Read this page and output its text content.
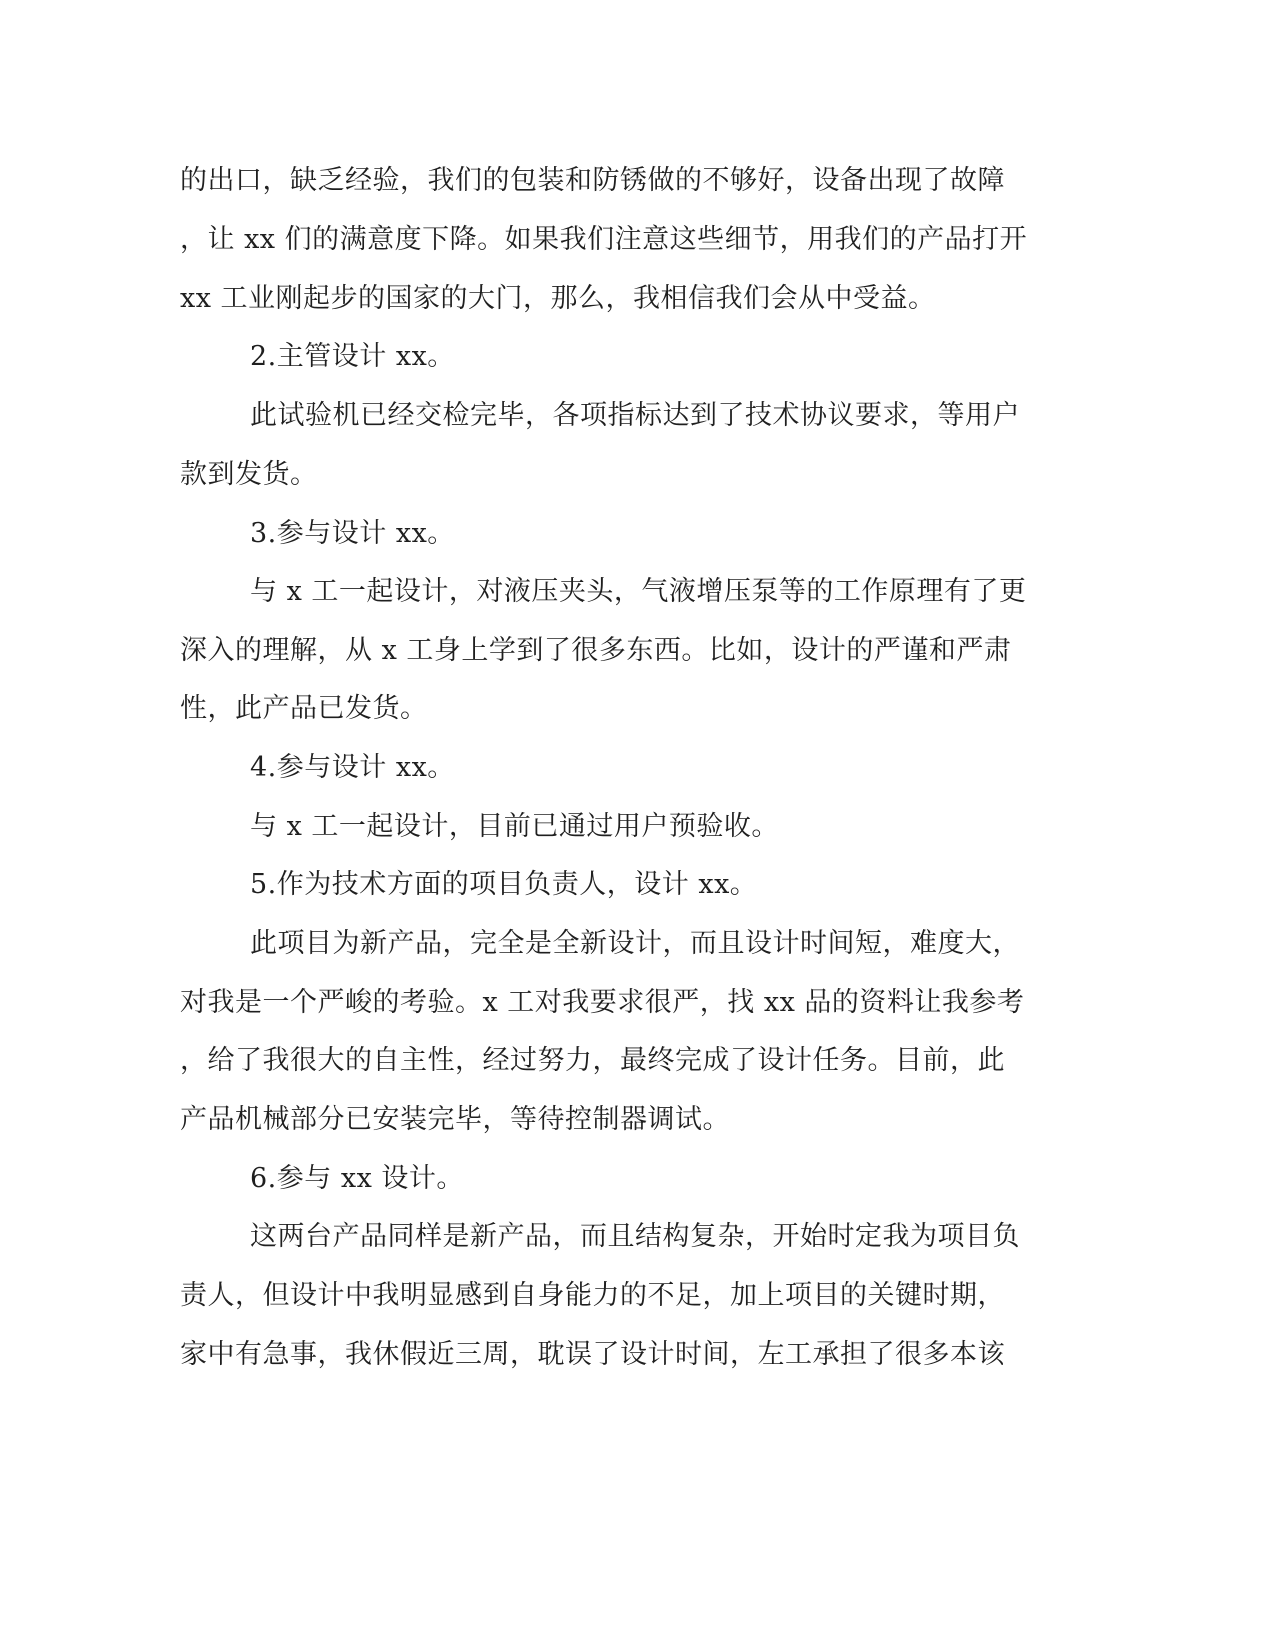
的出口，缺乏经验，我们的包装和防锈做的不够好，设备出现了故障
，让 xx 们的满意度下降。如果我们注意这些细节，用我们的产品打开
xx 工业刚起步的国家的大门，那么，我相信我们会从中受益。
2.主管设计 xx。
此试验机已经交检完毕，各项指标达到了技术协议要求，等用户
款到发货。
3.参与设计 xx。
与 x 工一起设计，对液压夹头，气液增压泵等的工作原理有了更
深入的理解，从 x 工身上学到了很多东西。比如，设计的严谨和严肃
性，此产品已发货。
4.参与设计 xx。
与 x 工一起设计，目前已通过用户预验收。
5.作为技术方面的项目负责人，设计 xx。
此项目为新产品，完全是全新设计，而且设计时间短，难度大，
对我是一个严峻的考验。x 工对我要求很严，找 xx 品的资料让我参考
，给了我很大的自主性，经过努力，最终完成了设计任务。目前，此
产品机械部分已安装完毕，等待控制器调试。
6.参与 xx 设计。
这两台产品同样是新产品，而且结构复杂，开始时定我为项目负
责人，但设计中我明显感到自身能力的不足，加上项目的关键时期，
家中有急事，我休假近三周，耽误了设计时间，左工承担了很多本该
